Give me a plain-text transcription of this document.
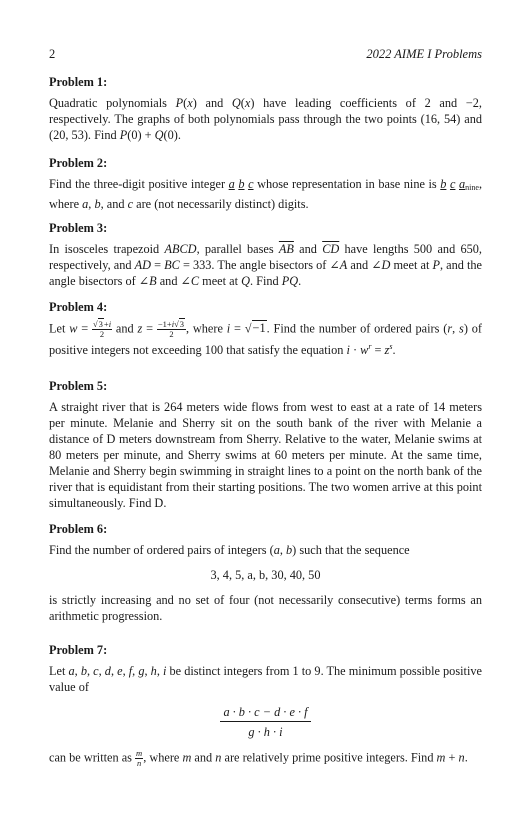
2	2022 AIME I Problems
Problem 1:
Quadratic polynomials P(x) and Q(x) have leading coefficients of 2 and −2, respectively. The graphs of both polynomials pass through the two points (16, 54) and (20, 53). Find P(0) + Q(0).
Problem 2:
Find the three-digit positive integer a b c whose representation in base nine is b c $a_{nine}$, where a, b, and c are (not necessarily distinct) digits.
Problem 3:
In isosceles trapezoid ABCD, parallel bases $\overline{AB}$ and $\overline{CD}$ have lengths 500 and 650, respectively, and AD = BC = 333. The angle bisectors of ∠A and ∠D meet at P, and the angle bisectors of ∠B and ∠C meet at Q. Find PQ.
Problem 4:
Let $w = \frac{√3+i}{2}$ and $z = \frac{-1+i√3}{2}$ , where i = √−1. Find the number of ordered pairs (r, s) of positive integers not exceeding 100 that satisfy the equation $i \cdot w^r = z^s$.
Problem 5:
A straight river that is 264 meters wide flows from west to east at a rate of 14 meters per minute. Melanie and Sherry sit on the south bank of the river with Melanie a distance of D meters downstream from Sherry. Relative to the water, Melanie swims at 80 meters per minute, and Sherry swims at 60 meters per minute. At the same time, Melanie and Sherry begin swimming in straight lines to a point on the north bank of the river that is equidistant from their starting positions. The two women arrive at this point simultaneously. Find D.
Problem 6:
Find the number of ordered pairs of integers (a, b) such that the sequence
3, 4, 5, a, b, 30, 40, 50
is strictly increasing and no set of four (not necessarily consecutive) terms forms an arithmetic progression.
Problem 7:
Let a, b, c, d, e, f, g, h, i be distinct integers from 1 to 9. The minimum possible positive value of
$\frac{a \cdot b \cdot c - d \cdot e \cdot f}{g \cdot h \cdot i}$
can be written as $\frac{m}{n}$ , where m and n are relatively prime positive integers. Find m + n.
